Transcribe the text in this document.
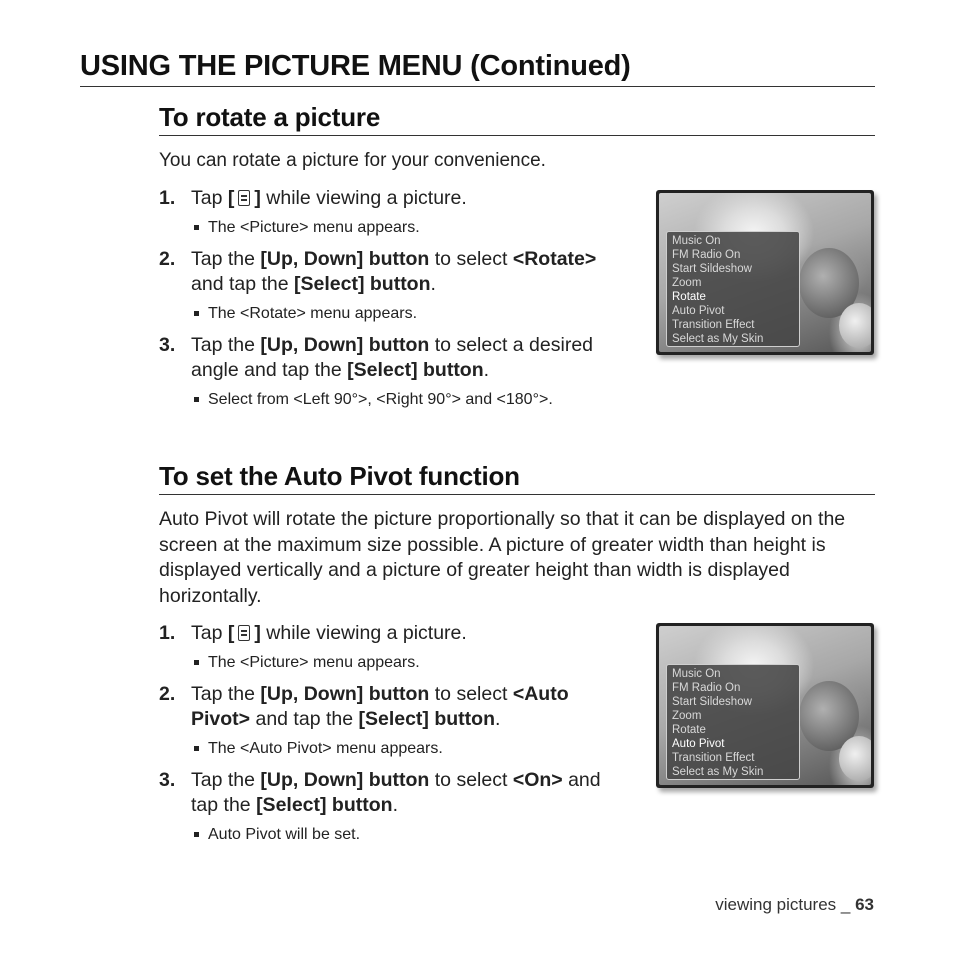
USING THE PICTURE MENU (Continued)
To rotate a picture
You can rotate a picture for your convenience.
1. Tap [ ] while viewing a picture.
The <Picture> menu appears.
2. Tap the [Up, Down] button to select <Rotate> and tap the [Select] button.
The <Rotate> menu appears.
3. Tap the [Up, Down] button to select a desired angle and tap the [Select] button.
Select from <Left 90°>, <Right 90°> and <180°>.
Music On
FM Radio On
Start Sildeshow
Zoom
Rotate
Auto Pivot
Transition Effect
Select as My Skin
To set the Auto Pivot function
Auto Pivot will rotate the picture proportionally so that it can be displayed on the screen at the maximum size possible. A picture of greater width than height is displayed vertically and a picture of greater height than width is displayed horizontally.
1. Tap [ ] while viewing a picture.
The <Picture> menu appears.
2. Tap the [Up, Down] button to select <Auto Pivot> and tap the [Select] button.
The <Auto Pivot> menu appears.
3. Tap the [Up, Down] button to select <On> and tap the [Select] button.
Auto Pivot will be set.
Music On
FM Radio On
Start Sildeshow
Zoom
Rotate
Auto Pivot
Transition Effect
Select as My Skin
viewing pictures _ 63
